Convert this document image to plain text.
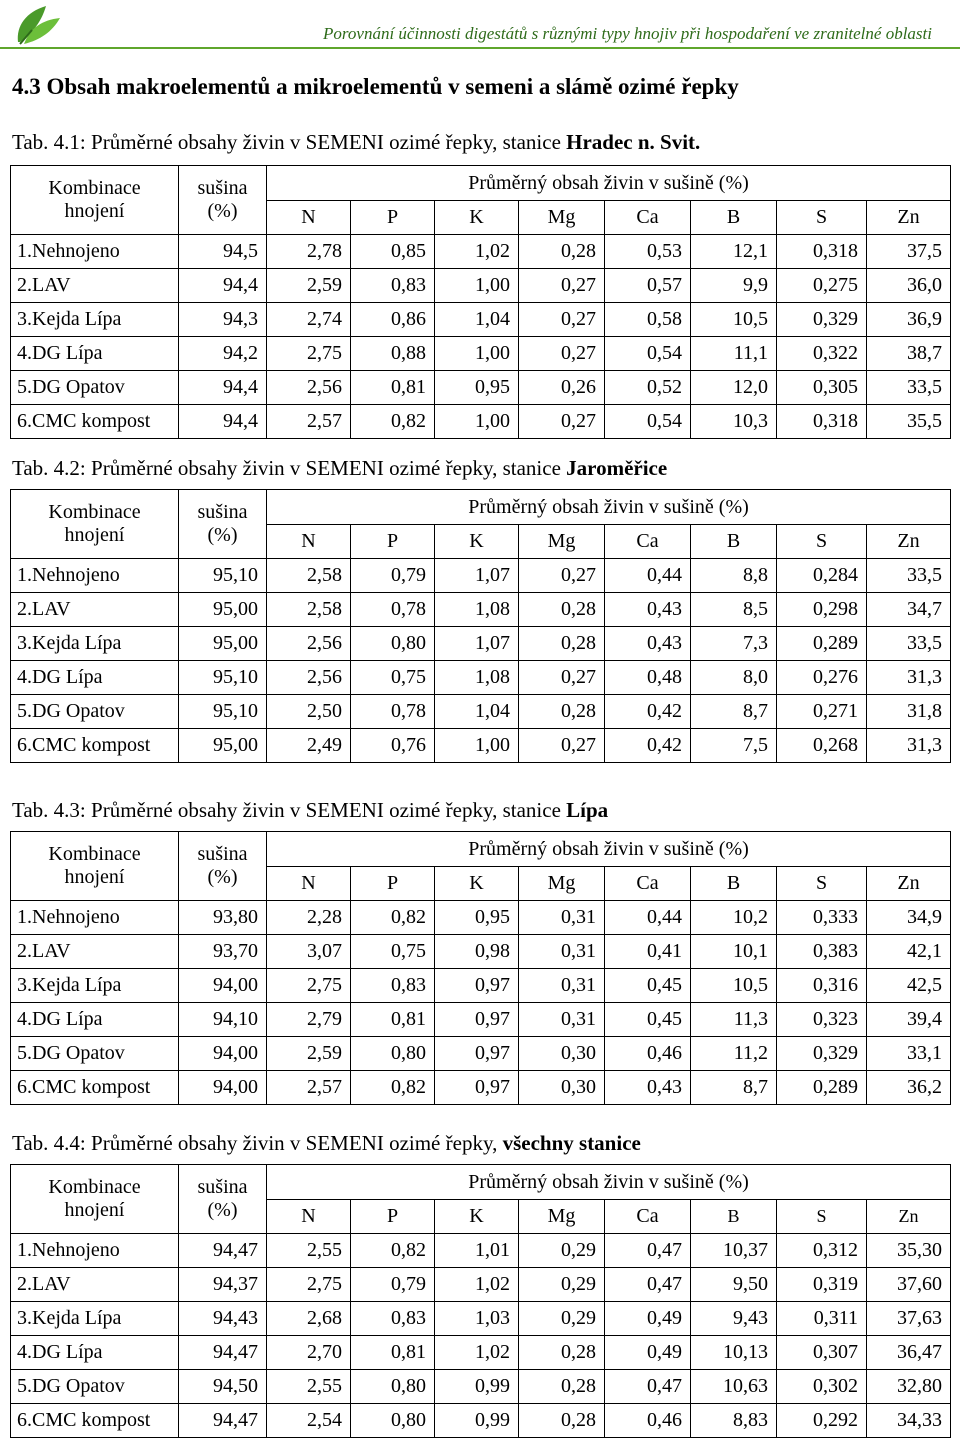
Porovnání účinnosti digestátů s různými typy hnojiv při hospodaření ve zranitelné oblasti
4.3 Obsah makroelementů a mikroelementů v semeni a slámě ozimé řepky
Tab. 4.1: Průměrné obsahy živin v SEMENI ozimé řepky, stanice Hradec n. Svit.
Kombinace
hnojení	sušina
(%)	Průměrný obsah živin v sušině (%)							
		N	P	K	Mg	Ca	B	S	Zn
1.Nehnojeno	94,5	2,78	0,85	1,02	0,28	0,53	12,1	0,318	37,5
2.LAV	94,4	2,59	0,83	1,00	0,27	0,57	9,9	0,275	36,0
3.Kejda Lípa	94,3	2,74	0,86	1,04	0,27	0,58	10,5	0,329	36,9
4.DG Lípa	94,2	2,75	0,88	1,00	0,27	0,54	11,1	0,322	38,7
5.DG Opatov	94,4	2,56	0,81	0,95	0,26	0,52	12,0	0,305	33,5
6.CMC kompost	94,4	2,57	0,82	1,00	0,27	0,54	10,3	0,318	35,5
Tab. 4.2: Průměrné obsahy živin v SEMENI ozimé řepky, stanice Jaroměřice
Kombinace
hnojení	sušina
(%)	Průměrný obsah živin v sušině (%)							
		N	P	K	Mg	Ca	B	S	Zn
1.Nehnojeno	95,10	2,58	0,79	1,07	0,27	0,44	8,8	0,284	33,5
2.LAV	95,00	2,58	0,78	1,08	0,28	0,43	8,5	0,298	34,7
3.Kejda Lípa	95,00	2,56	0,80	1,07	0,28	0,43	7,3	0,289	33,5
4.DG Lípa	95,10	2,56	0,75	1,08	0,27	0,48	8,0	0,276	31,3
5.DG Opatov	95,10	2,50	0,78	1,04	0,28	0,42	8,7	0,271	31,8
6.CMC kompost	95,00	2,49	0,76	1,00	0,27	0,42	7,5	0,268	31,3
Tab. 4.3: Průměrné obsahy živin v SEMENI ozimé řepky, stanice Lípa
Kombinace
hnojení	sušina
(%)	Průměrný obsah živin v sušině (%)							
		N	P	K	Mg	Ca	B	S	Zn
1.Nehnojeno	93,80	2,28	0,82	0,95	0,31	0,44	10,2	0,333	34,9
2.LAV	93,70	3,07	0,75	0,98	0,31	0,41	10,1	0,383	42,1
3.Kejda Lípa	94,00	2,75	0,83	0,97	0,31	0,45	10,5	0,316	42,5
4.DG Lípa	94,10	2,79	0,81	0,97	0,31	0,45	11,3	0,323	39,4
5.DG Opatov	94,00	2,59	0,80	0,97	0,30	0,46	11,2	0,329	33,1
6.CMC kompost	94,00	2,57	0,82	0,97	0,30	0,43	8,7	0,289	36,2
Tab. 4.4: Průměrné obsahy živin v SEMENI ozimé řepky, všechny stanice
Kombinace
hnojení	sušina
(%)	Průměrný obsah živin v sušině (%)							
		N	P	K	Mg	Ca	B	S	Zn
1.Nehnojeno	94,47	2,55	0,82	1,01	0,29	0,47	10,37	0,312	35,30
2.LAV	94,37	2,75	0,79	1,02	0,29	0,47	9,50	0,319	37,60
3.Kejda Lípa	94,43	2,68	0,83	1,03	0,29	0,49	9,43	0,311	37,63
4.DG Lípa	94,47	2,70	0,81	1,02	0,28	0,49	10,13	0,307	36,47
5.DG Opatov	94,50	2,55	0,80	0,99	0,28	0,47	10,63	0,302	32,80
6.CMC kompost	94,47	2,54	0,80	0,99	0,28	0,46	8,83	0,292	34,33
